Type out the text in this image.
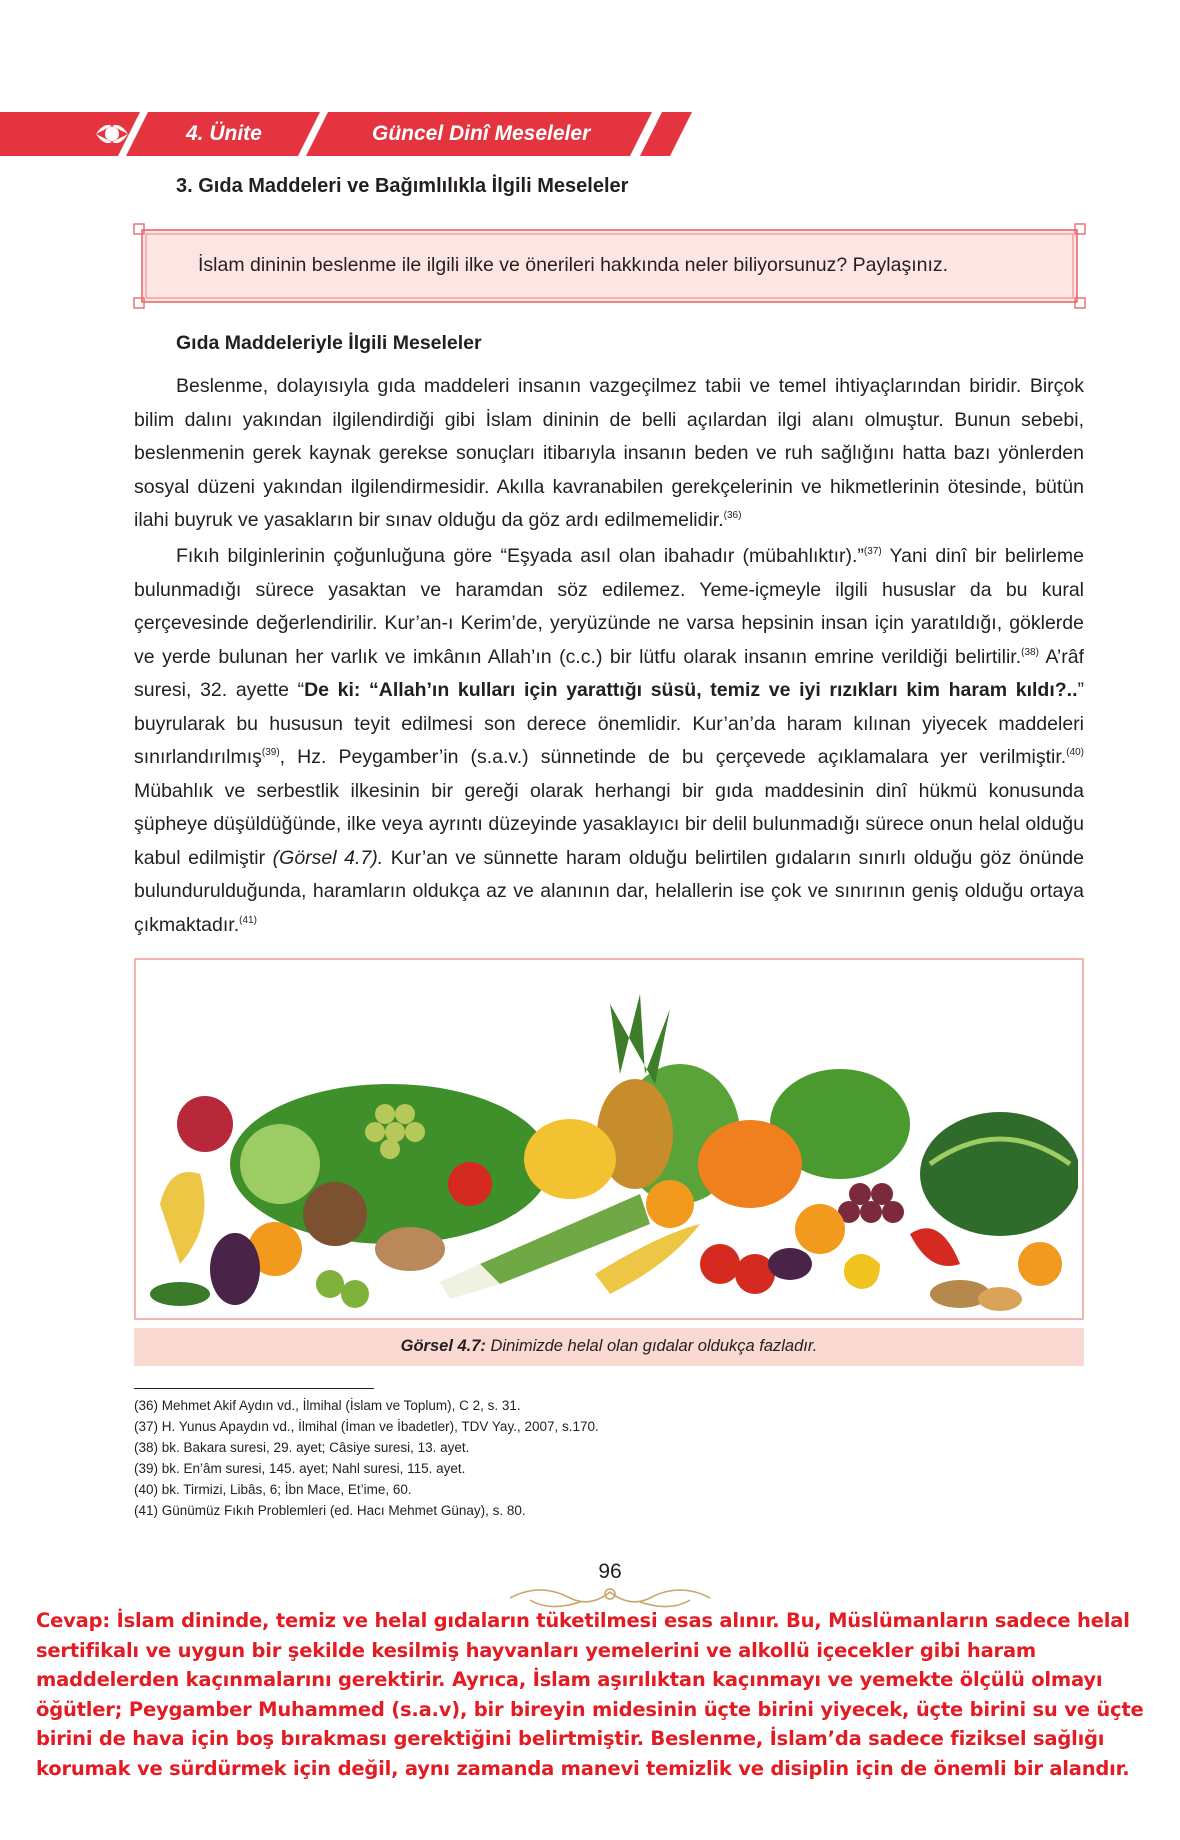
4. Ünite	Güncel Dinî Meseleler
3. Gıda Maddeleri ve Bağımlılıkla İlgili Meseleler
İslam dininin beslenme ile ilgili ilke ve önerileri hakkında neler biliyorsunuz? Paylaşınız.
Gıda Maddeleriyle İlgili Meseleler
Beslenme, dolayısıyla gıda maddeleri insanın vazgeçilmez tabii ve temel ihtiyaçlarından biridir. Birçok bilim dalını yakından ilgilendirdiği gibi İslam dininin de belli açılardan ilgi alanı olmuştur. Bunun sebebi, beslenmenin gerek kaynak gerekse sonuçları itibarıyla insanın beden ve ruh sağlığını hatta bazı yönlerden sosyal düzeni yakından ilgilendirmesidir. Akılla kavranabilen gerekçelerinin ve hikmetlerinin ötesinde, bütün ilahi buyruk ve yasakların bir sınav olduğu da göz ardı edilmemelidir.$^{(36)}$
Fıkıh bilginlerinin çoğunluğuna göre “Eşyada asıl olan ibahadır (mübahlıktır).”$^{(37)}$ Yani dinî bir belirleme bulunmadığı sürece yasaktan ve haramdan söz edilemez. Yeme-içmeyle ilgili hususlar da bu kural çerçevesinde değerlendirilir. Kur’an-ı Kerim’de, yeryüzünde ne varsa hepsinin insan için yaratıldığı, göklerde ve yerde bulunan her varlık ve imkânın Allah’ın (c.c.) bir lütfu olarak insanın emrine verildiği belirtilir.$^{(38)}$ A’râf suresi, 32. ayette “De ki: “Allah’ın kulları için yarattığı süsü, temiz ve iyi rızıkları kim haram kıldı?..” buyrularak bu hususun teyit edilmesi son derece önemlidir. Kur’an’da haram kılınan yiyecek maddeleri sınırlandırılmış$^{(39)}$, Hz. Peygamber’in (s.a.v.) sünnetinde de bu çerçevede açıklamalara yer verilmiştir.$^{(40)}$ Mübahlık ve serbestlik ilkesinin bir gereği olarak herhangi bir gıda maddesinin dinî hükmü konusunda şüpheye düşüldüğünde, ilke veya ayrıntı düzeyinde yasaklayıcı bir delil bulunmadığı sürece onun helal olduğu kabul edilmiştir (Görsel 4.7). Kur’an ve sünnette haram olduğu belirtilen gıdaların sınırlı olduğu göz önünde bulundurulduğunda, haramların oldukça az ve alanının dar, helallerin ise çok ve sınırının geniş olduğu ortaya çıkmaktadır.$^{(41)}$
Görsel 4.7: Dinimizde helal olan gıdalar oldukça fazladır.
(36) Mehmet Akif Aydın vd., İlmihal (İslam ve Toplum), C 2, s. 31.
(37) H. Yunus Apaydın vd., İlmihal (İman ve İbadetler), TDV Yay., 2007, s.170.
(38) bk. Bakara suresi, 29. ayet; Câsiye suresi, 13. ayet.
(39) bk. En’âm suresi, 145. ayet; Nahl suresi, 115. ayet.
(40) bk. Tirmizi, Libâs, 6; İbn Mace, Et’ime, 60.
(41) Günümüz Fıkıh Problemleri (ed. Hacı Mehmet Günay), s. 80.
96
Cevap: İslam dininde, temiz ve helal gıdaların tüketilmesi esas alınır. Bu, Müslümanların sadece helal sertifikalı ve uygun bir şekilde kesilmiş hayvanları yemelerini ve alkollü içecekler gibi haram maddelerden kaçınmalarını gerektirir. Ayrıca, İslam aşırılıktan kaçınmayı ve yemekte ölçülü olmayı öğütler; Peygamber Muhammed (s.a.v), bir bireyin midesinin üçte birini yiyecek, üçte birini su ve üçte birini de hava için boş bırakması gerektiğini belirtmiştir. Beslenme, İslam’da sadece fiziksel sağlığı korumak ve sürdürmek için değil, aynı zamanda manevi temizlik ve disiplin için de önemli bir alandır.
